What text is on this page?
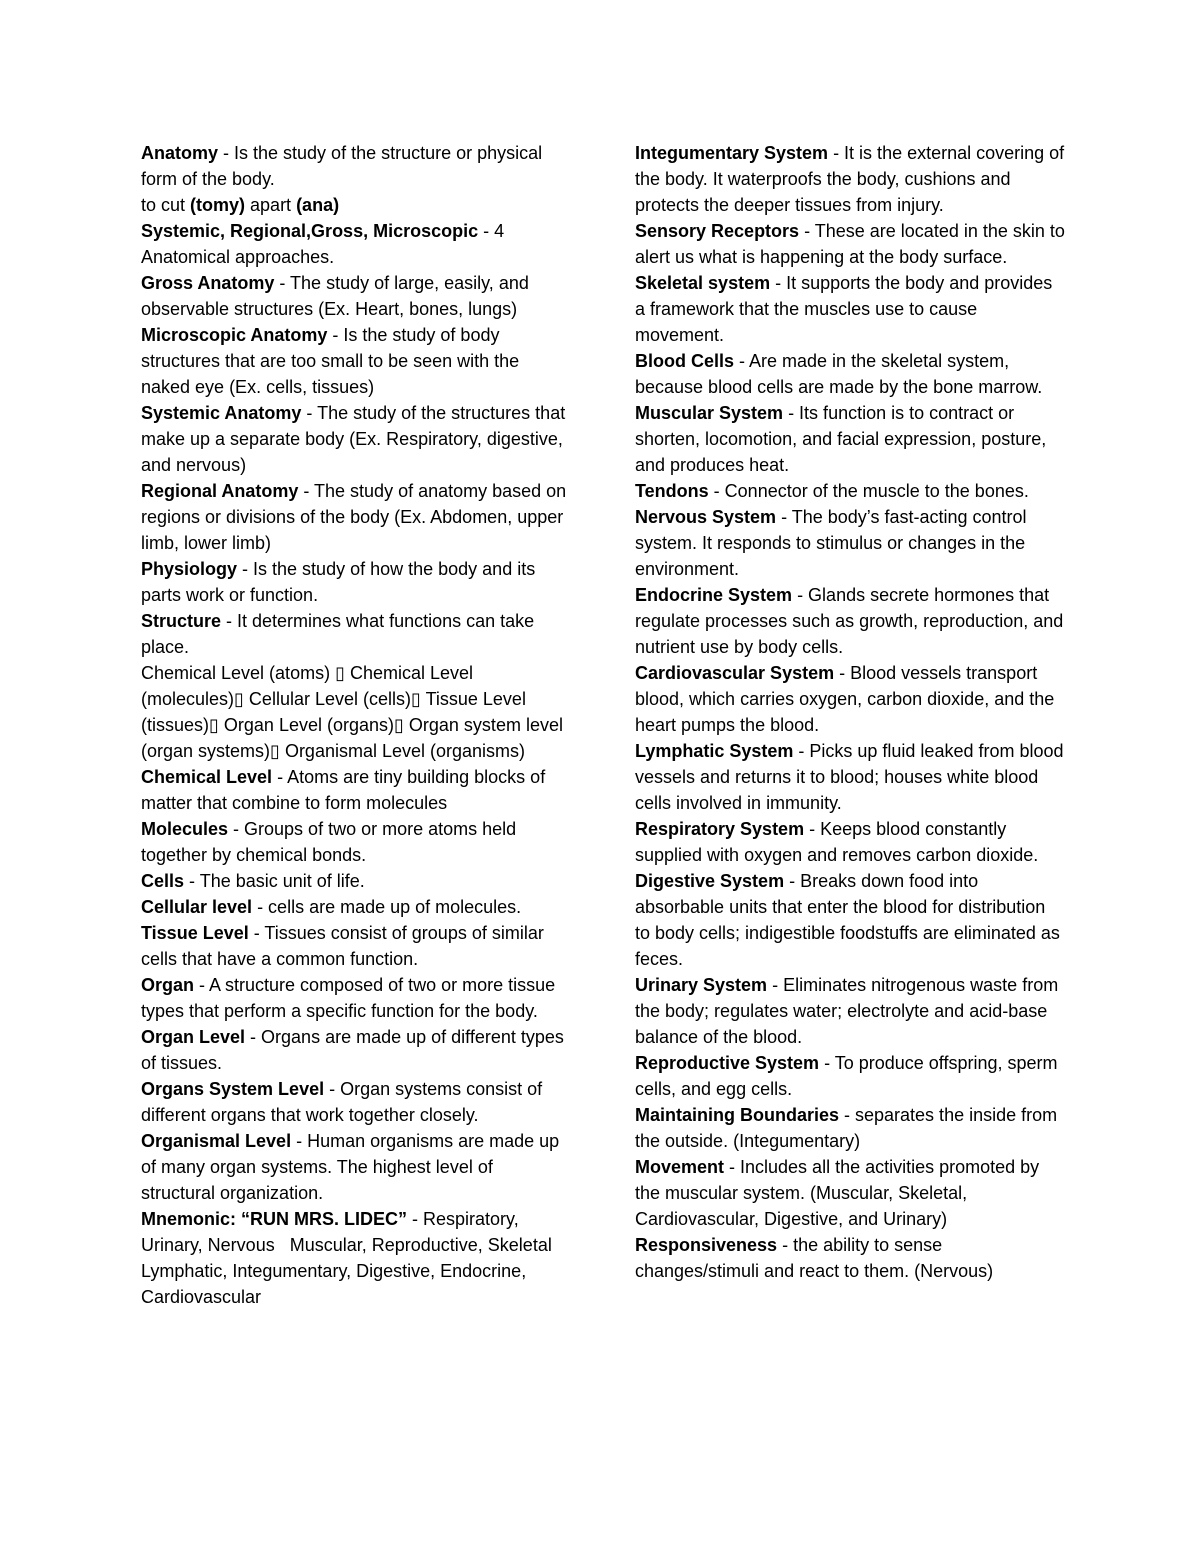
Anatomy - Is the study of the structure or physical form of the body.

to cut (tomy) apart (ana)

Systemic, Regional,Gross, Microscopic - 4 Anatomical approaches.

Gross Anatomy - The study of large, easily, and observable structures (Ex. Heart, bones, lungs)

Microscopic Anatomy - Is the study of body structures that are too small to be seen with the naked eye (Ex. cells, tissues)

Systemic Anatomy - The study of the structures that make up a separate body (Ex. Respiratory, digestive, and nervous)

Regional Anatomy - The study of anatomy based on regions or divisions of the body (Ex. Abdomen, upper limb, lower limb)

Physiology - Is the study of how the body and its parts work or function.

Structure - It determines what functions can take place.

Chemical Level (atoms) ▯ Chemical Level (molecules)▯ Cellular Level (cells)▯ Tissue Level (tissues)▯ Organ Level (organs)▯ Organ system level (organ systems)▯ Organismal Level (organisms)

Chemical Level - Atoms are tiny building blocks of matter that combine to form molecules

Molecules - Groups of two or more atoms held together by chemical bonds.

Cells - The basic unit of life.

Cellular level - cells are made up of molecules.

Tissue Level - Tissues consist of groups of similar cells that have a common function.

Organ - A structure composed of two or more tissue types that perform a specific function for the body.

Organ Level - Organs are made up of different types of tissues.

Organs System Level - Organ systems consist of different organs that work together closely.

Organismal Level - Human organisms are made up of many organ systems. The highest level of structural organization.

Mnemonic: “RUN MRS. LIDEC” - Respiratory, Urinary, Nervous   Muscular, Reproductive, Skeletal     Lymphatic, Integumentary, Digestive, Endocrine, Cardiovascular

Integumentary System - It is the external covering of the body. It waterproofs the body, cushions and protects the deeper tissues from injury.

Sensory Receptors - These are located in the skin to alert us what is happening at the body surface.

Skeletal system - It supports the body and provides a framework that the muscles use to cause movement.

Blood Cells - Are made in the skeletal system, because blood cells are made by the bone marrow.

Muscular System - Its function is to contract or shorten, locomotion, and facial expression, posture, and produces heat.

Tendons - Connector of the muscle to the bones.

Nervous System - The body’s fast-acting control system. It responds to stimulus or changes in the environment.

Endocrine System - Glands secrete hormones that regulate processes such as growth, reproduction, and nutrient use by body cells.

Cardiovascular System - Blood vessels transport blood, which carries oxygen, carbon dioxide, and the heart pumps the blood.

Lymphatic System - Picks up fluid leaked from blood vessels and returns it to blood; houses white blood cells involved in immunity.

Respiratory System - Keeps blood constantly supplied with oxygen and removes carbon dioxide.

Digestive System - Breaks down food into absorbable units that enter the blood for distribution to body cells; indigestible foodstuffs are eliminated as feces.

Urinary System - Eliminates nitrogenous waste from the body; regulates water; electrolyte and acid-base balance of the blood.

Reproductive System - To produce offspring, sperm cells, and egg cells.

Maintaining Boundaries - separates the inside from the outside. (Integumentary)

Movement - Includes all the activities promoted by the muscular system. (Muscular, Skeletal, Cardiovascular, Digestive, and Urinary)

Responsiveness - the ability to sense changes/stimuli and react to them. (Nervous)
